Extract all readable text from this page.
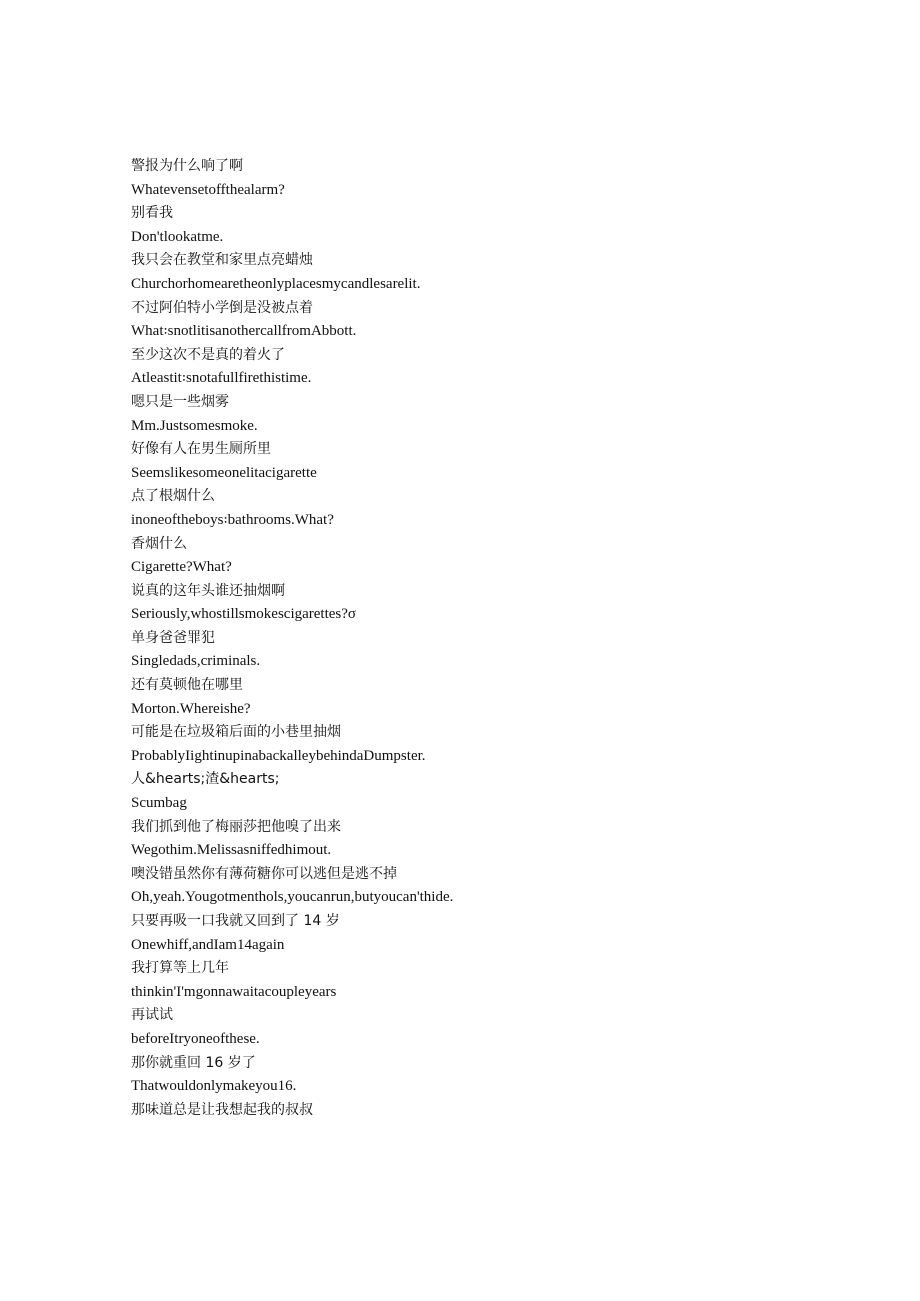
警报为什么响了啊
Whatevensetoffthealarm?
别看我
Don'tlookatme.
我只会在教堂和家里点亮蜡烛
Churchorhomearetheonlyplacesmycandlesarelit.
不过阿伯特小学倒是没被点着
What꞉snotlitisanothercallfromAbbott.
至少这次不是真的着火了
Atleastit꞉snotafullfirethistime.
嗯只是一些烟雾
Mm.Justsomesmoke.
好像有人在男生厕所里
Seemslikesomeonelitacigarette
点了根烟什么
inoneoftheboys꞉bathrooms.What?
香烟什么
Cigarette?What?
说真的这年头谁还抽烟啊
Seriously,whostillsmokescigarettes?σ
单身爸爸罪犯
Singledads,criminals.
还有莫顿他在哪里
Morton.Whereishe?
可能是在垃圾箱后面的小巷里抽烟
ProbablyIightinupinabackalleybehindaDumpster.
人&hearts;渣&hearts;
Scumbag
我们抓到他了梅丽莎把他嗅了出来
Wegothim.Melissasniffedhimout.
噢没错虽然你有薄荷糖你可以逃但是逃不掉
Oh,yeah.Yougotmenthols,youcanrun,butyoucan'thide.
只要再吸一口我就又回到了 14 岁
Onewhiff,andIam14again
我打算等上几年
thinkin'I'mgonnawaitacoupleyears
再试试
beforeItryoneofthese.
那你就重回 16 岁了
Thatwouldonlymakeyou16.
那味道总是让我想起我的叔叔
